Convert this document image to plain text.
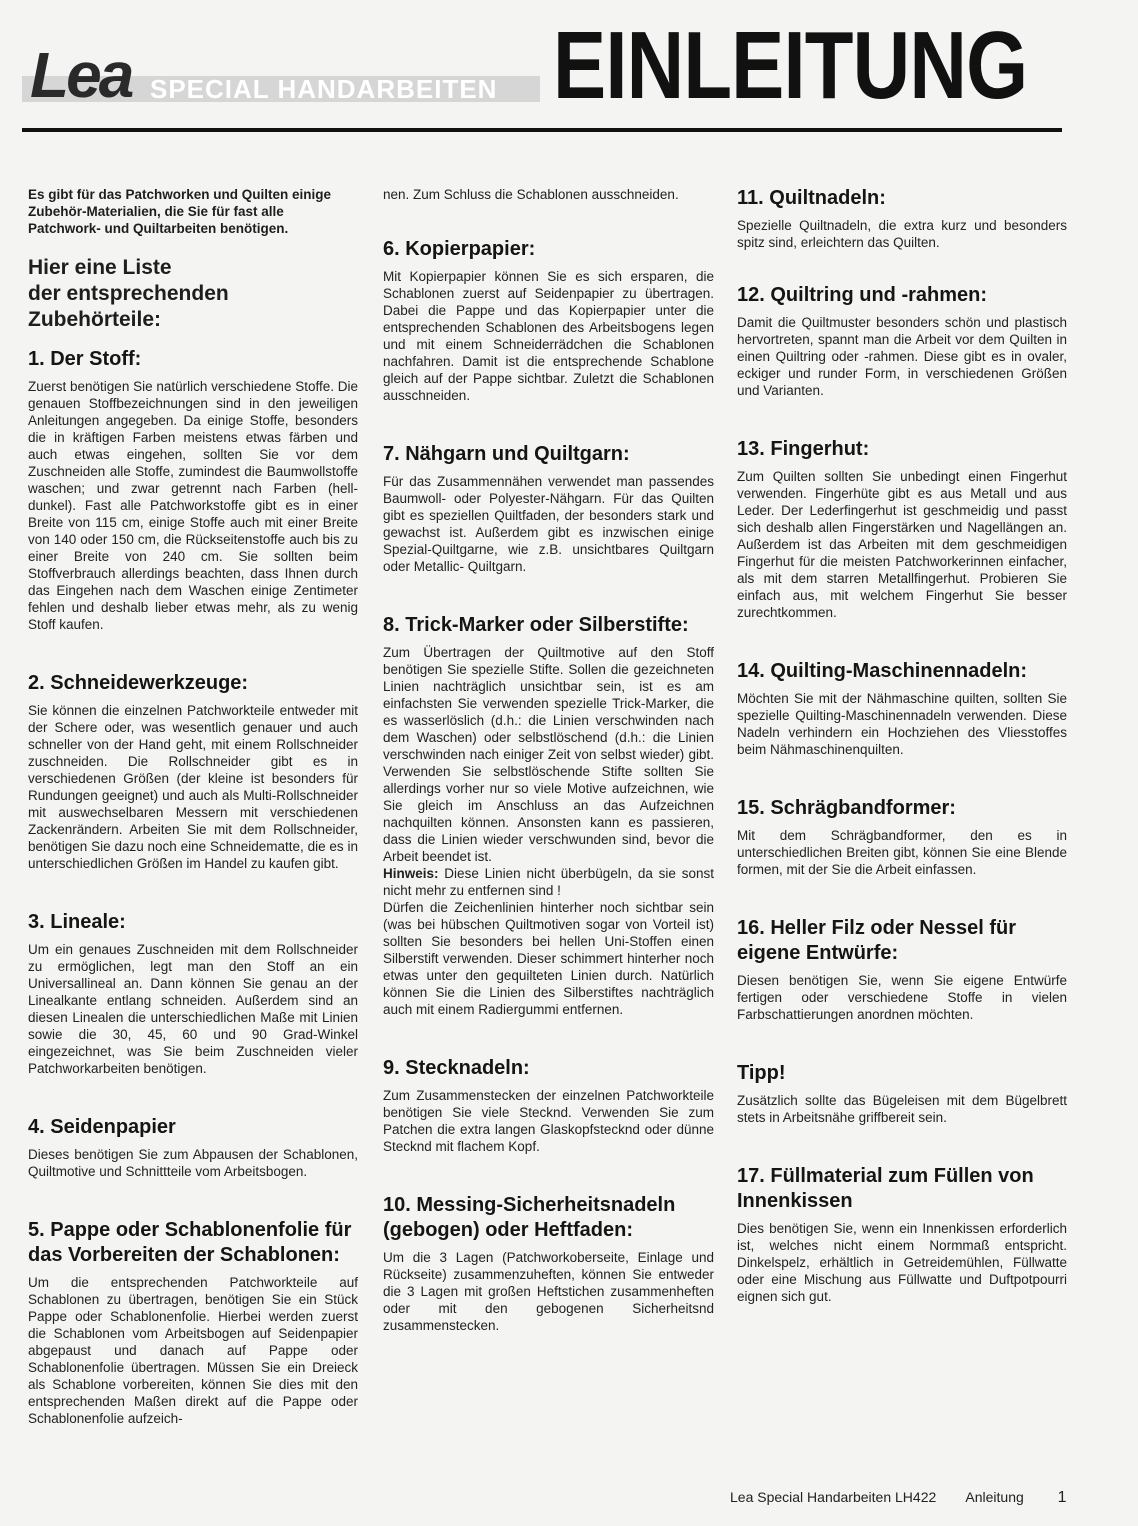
Lea SPECIAL HANDARBEITEN EINLEITUNG

Es gibt für das Patchworken und Quilten einige Zubehör-Materialien, die Sie für fast alle Patchwork- und Quiltarbeiten benötigen.

Hier eine Liste
der entsprechenden Zubehörteile:
1. Der Stoff:

Zuerst benötigen Sie natürlich verschiedene Stoffe. Die genauen Stoffbezeichnungen sind in den jeweiligen Anleitungen angegeben. Da einige Stoffe, besonders die in kräftigen Farben meistens etwas färben und auch etwas eingehen, sollten Sie vor dem Zuschneiden alle Stoffe, zumindest die Baumwollstoffe waschen; und zwar getrennt nach Farben (hell-dunkel). Fast alle Patchworkstoffe gibt es in einer Breite von 115 cm, einige Stoffe auch mit einer Breite von 140 oder 150 cm, die Rückseitenstoffe auch bis zu einer Breite von 240 cm. Sie sollten beim Stoffverbrauch allerdings beachten, dass Ihnen durch das Eingehen nach dem Waschen einige Zentimeter fehlen und deshalb lieber etwas mehr, als zu wenig Stoff kaufen.

2. Schneidewerkzeuge:

Sie können die einzelnen Patchworkteile entweder mit der Schere oder, was wesentlich genauer und auch schneller von der Hand geht, mit einem Rollschneider zuschneiden. Die Rollschneider gibt es in verschiedenen Größen (der kleine ist besonders für Rundungen geeignet) und auch als Multi-Rollschneider mit auswechselbaren Messern mit verschiedenen Zackenrändern. Arbeiten Sie mit dem Rollschneider, benötigen Sie dazu noch eine Schneidematte, die es in unterschiedlichen Größen im Handel zu kaufen gibt.

3. Lineale:

Um ein genaues Zuschneiden mit dem Rollschneider zu ermöglichen, legt man den Stoff an ein Universallineal an. Dann können Sie genau an der Linealkante entlang schneiden. Außerdem sind an diesen Linealen die unterschiedlichen Maße mit Linien sowie die 30, 45, 60 und 90 Grad-Winkel eingezeichnet, was Sie beim Zuschneiden vieler Patchworkarbeiten benötigen.

4. Seidenpapier

Dieses benötigen Sie zum Abpausen der Schablonen, Quiltmotive und Schnittteile vom Arbeitsbogen.

5. Pappe oder Schablonenfolie für das Vorbereiten der Schablonen:

Um die entsprechenden Patchworkteile auf Schablonen zu übertragen, benötigen Sie ein Stück Pappe oder Schablonenfolie. Hierbei werden zuerst die Schablonen vom Arbeitsbogen auf Seidenpapier abgepaust und danach auf Pappe oder Schablonenfolie übertragen. Müssen Sie ein Dreieck als Schablone vorbereiten, können Sie dies mit den entsprechenden Maßen direkt auf die Pappe oder Schablonenfolie aufzeich-

nen. Zum Schluss die Schablonen ausschneiden.

6. Kopierpapier:

Mit Kopierpapier können Sie es sich ersparen, die Schablonen zuerst auf Seidenpapier zu übertragen. Dabei die Pappe und das Kopierpapier unter die entsprechenden Schablonen des Arbeitsbogens legen und mit einem Schneiderrädchen die Schablonen nachfahren. Damit ist die entsprechende Schablone gleich auf der Pappe sichtbar. Zuletzt die Schablonen ausschneiden.

7. Nähgarn und Quiltgarn:

Für das Zusammennähen verwendet man passendes Baumwoll- oder Polyester-Nähgarn. Für das Quilten gibt es speziellen Quiltfaden, der besonders stark und gewachst ist. Außerdem gibt es inzwischen einige Spezial-Quiltgarne, wie z.B. unsichtbares Quiltgarn oder Metallic- Quiltgarn.

8. Trick-Marker oder Silberstifte:

Zum Übertragen der Quiltmotive auf den Stoff benötigen Sie spezielle Stifte. Sollen die gezeichneten Linien nachträglich unsichtbar sein, ist es am einfachsten Sie verwenden spezielle Trick-Marker, die es wasserlöslich (d.h.: die Linien verschwinden nach dem Waschen) oder selbstlöschend (d.h.: die Linien verschwinden nach einiger Zeit von selbst wieder) gibt. Verwenden Sie selbstlöschende Stifte sollten Sie allerdings vorher nur so viele Motive aufzeichnen, wie Sie gleich im Anschluss an das Aufzeichnen nachquilten können. Ansonsten kann es passieren, dass die Linien wieder verschwunden sind, bevor die Arbeit beendet ist.

Hinweis: Diese Linien nicht überbügeln, da sie sonst nicht mehr zu entfernen sind !

Dürfen die Zeichenlinien hinterher noch sichtbar sein (was bei hübschen Quiltmotiven sogar von Vorteil ist) sollten Sie besonders bei hellen Uni-Stoffen einen Silberstift verwenden. Dieser schimmert hinterher noch etwas unter den gequilteten Linien durch. Natürlich können Sie die Linien des Silberstiftes nachträglich auch mit einem Radiergummi entfernen.

9. Stecknadeln:

Zum Zusammenstecken der einzelnen Patchworkteile benötigen Sie viele Stecknd. Verwenden Sie zum Patchen die extra langen Glaskopfstecknd oder dünne Stecknd mit flachem Kopf.

10. Messing-Sicherheitsnadeln (gebogen) oder Heftfaden:

Um die 3 Lagen (Patchworkoberseite, Einlage und Rückseite) zusammenzuheften, können Sie entweder die 3 Lagen mit großen Heftstichen zusammenheften oder mit den gebogenen Sicherheitsnd zusammenstecken.

11. Quiltnadeln:

Spezielle Quiltnadeln, die extra kurz und besonders spitz sind, erleichtern das Quilten.

12. Quiltring und -rahmen:

Damit die Quiltmuster besonders schön und plastisch hervortreten, spannt man die Arbeit vor dem Quilten in einen Quiltring oder -rahmen. Diese gibt es in ovaler, eckiger und runder Form, in verschiedenen Größen und Varianten.

13. Fingerhut:

Zum Quilten sollten Sie unbedingt einen Fingerhut verwenden. Fingerhüte gibt es aus Metall und aus Leder. Der Lederfingerhut ist geschmeidig und passt sich deshalb allen Fingerstärken und Nagellängen an. Außerdem ist das Arbeiten mit dem geschmeidigen Fingerhut für die meisten Patchworkerinnen einfacher, als mit dem starren Metallfingerhut. Probieren Sie einfach aus, mit welchem Fingerhut Sie besser zurechtkommen.

14. Quilting-Maschinennadeln:

Möchten Sie mit der Nähmaschine quilten, sollten Sie spezielle Quilting-Maschinennadeln verwenden. Diese Nadeln verhindern ein Hochziehen des Vliesstoffes beim Nähmaschinenquilten.

15. Schrägbandformer:

Mit dem Schrägbandformer, den es in unterschiedlichen Breiten gibt, können Sie eine Blende formen, mit der Sie die Arbeit einfassen.

16. Heller Filz oder Nessel für eigene Entwürfe:

Diesen benötigen Sie, wenn Sie eigene Entwürfe fertigen oder verschiedene Stoffe in vielen Farbschattierungen anordnen möchten.

Tipp!

Zusätzlich sollte das Bügeleisen mit dem Bügelbrett stets in Arbeitsnähe griffbereit sein.

17. Füllmaterial zum Füllen von Innenkissen

Dies benötigen Sie, wenn ein Innenkissen erforderlich ist, welches nicht einem Normmaß entspricht. Dinkelspelz, erhältlich in Getreidemühlen, Füllwatte oder eine Mischung aus Füllwatte und Duftpotpourri eignen sich gut.

Lea Special Handarbeiten LH422 Anleitung 1
